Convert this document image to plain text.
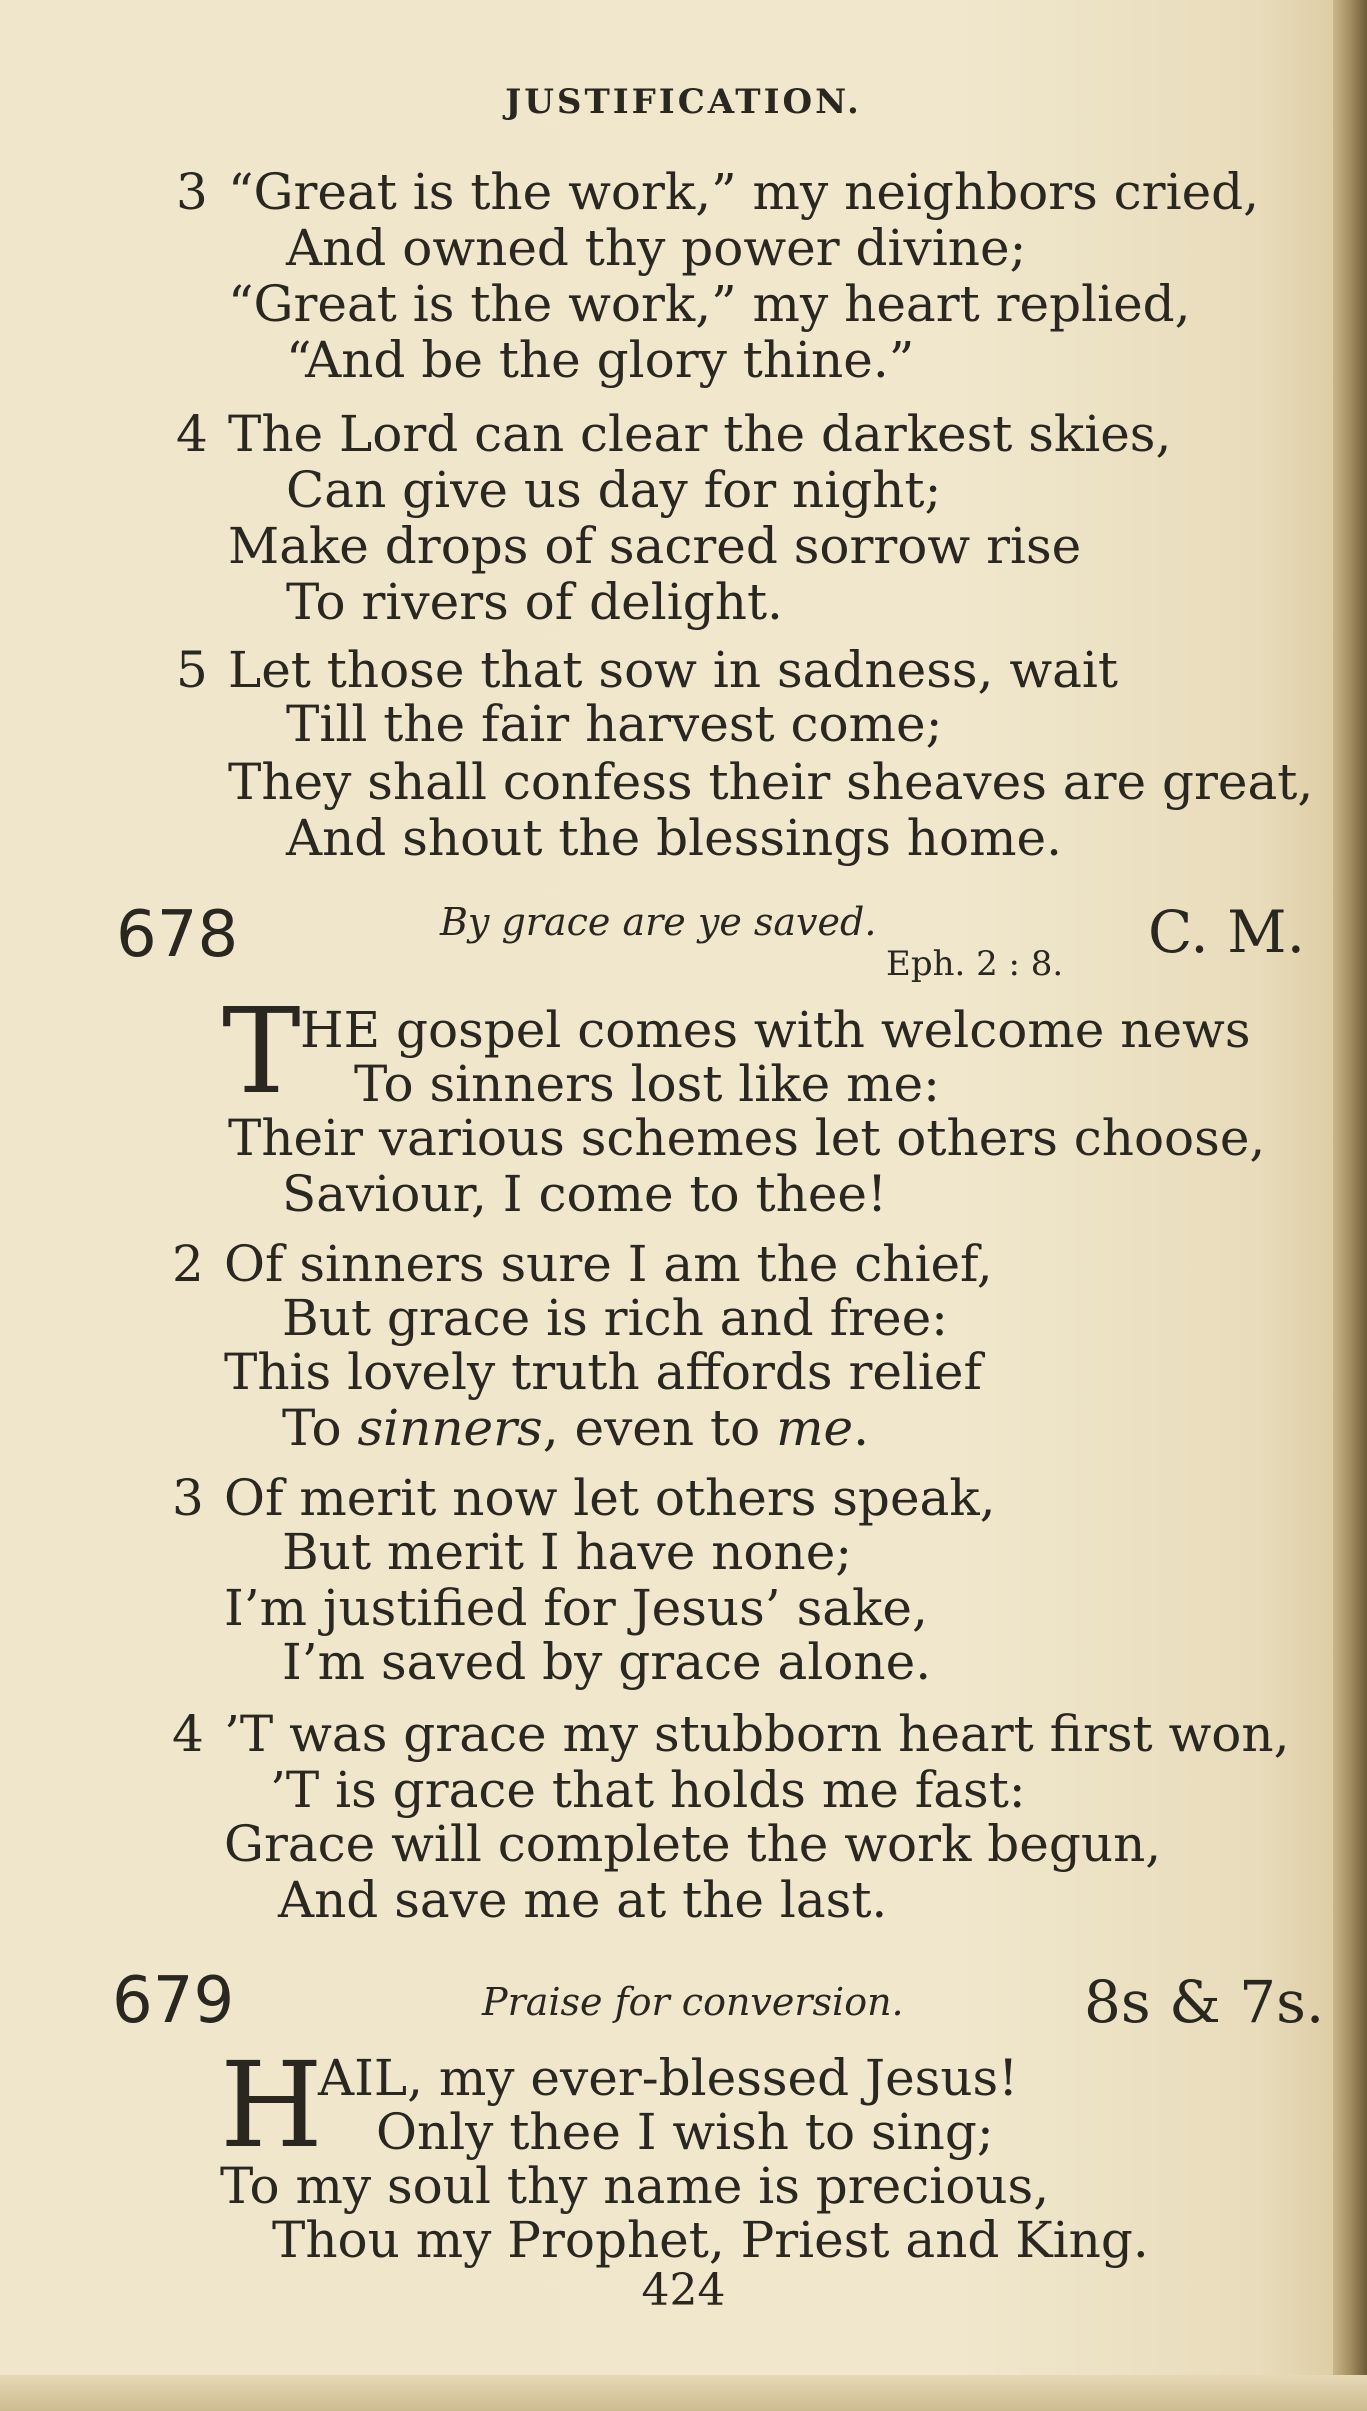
JUSTIFICATION.
3 “Great is the work,” my neighbors cried,
And owned thy power divine;
“Great is the work,” my heart replied,
“And be the glory thine.”
4 The Lord can clear the darkest skies,
Can give us day for night;
Make drops of sacred sorrow rise
To rivers of delight.
5 Let those that sow in sadness, wait
Till the fair harvest come;
They shall confess their sheaves are great,
And shout the blessings home.
678	By grace are ye saved.
Eph. 2 : 8. C. M.
T HE gospel comes with welcome news
To sinners lost like me:
Their various schemes let others choose,
Saviour, I come to thee!
2 Of sinners sure I am the chief,
But grace is rich and free:
This lovely truth affords relief
To sinners, even to me.
3 Of merit now let others speak,
But merit I have none;
I’m justified for Jesus’ sake,
I’m saved by grace alone.
4 ’T was grace my stubborn heart first won,
’T is grace that holds me fast:
Grace will complete the work begun,
And save me at the last.
679	Praise for conversion.	8s & 7s.
H
AIL, my ever-blessed Jesus!
Only thee I wish to sing;
To my soul thy name is precious,
Thou my Prophet, Priest and King.
424
